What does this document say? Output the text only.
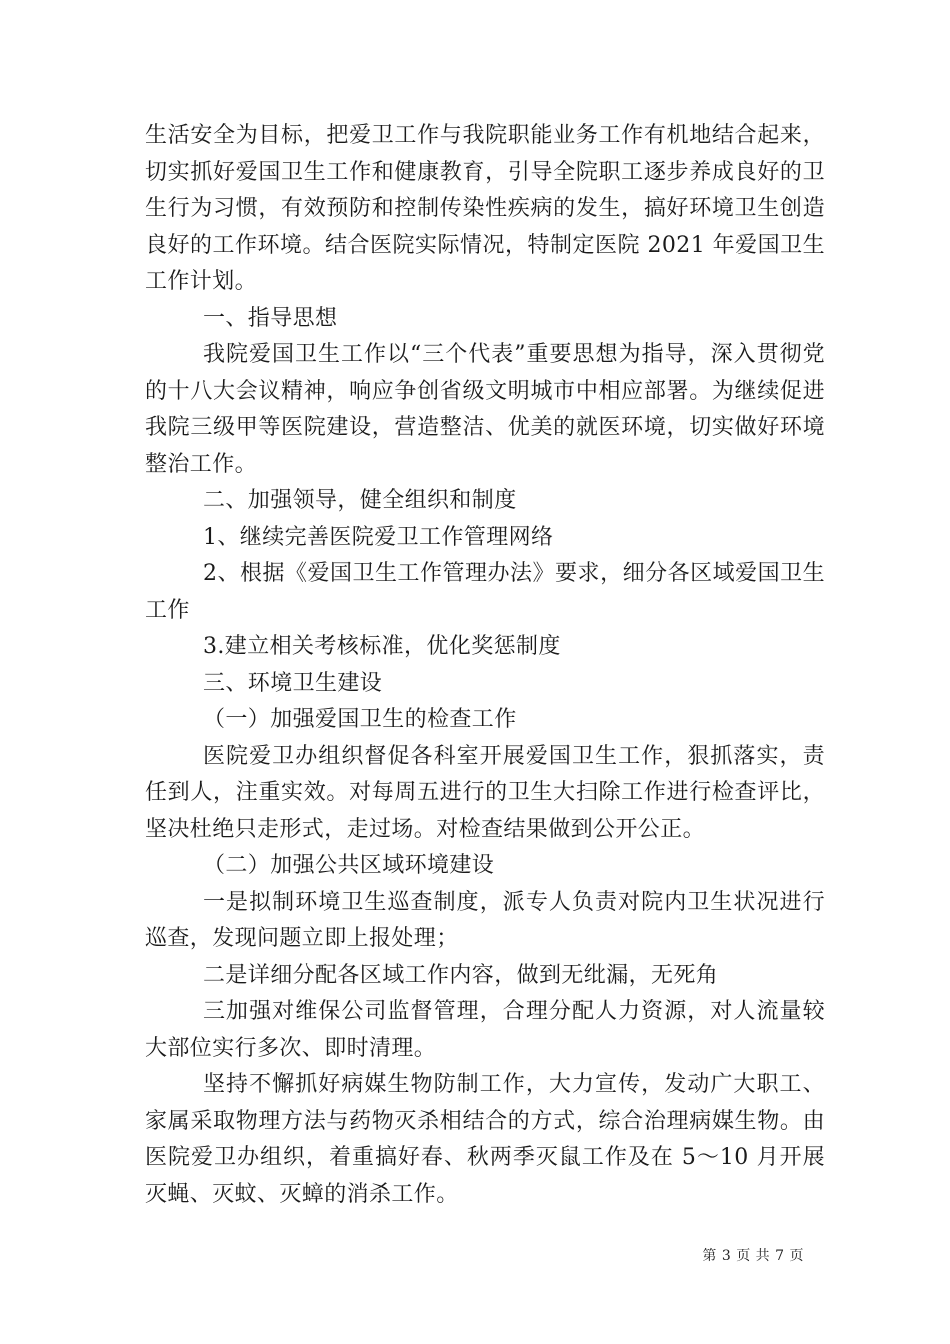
生活安全为目标，把爱卫工作与我院职能业务工作有机地结合起来，切实抓好爱国卫生工作和健康教育，引导全院职工逐步养成良好的卫生行为习惯，有效预防和控制传染性疾病的发生，搞好环境卫生创造良好的工作环境。结合医院实际情况，特制定医院 2021 年爱国卫生工作计划。

一、指导思想

我院爱国卫生工作以“三个代表”重要思想为指导，深入贯彻党的十八大会议精神，响应争创省级文明城市中相应部署。为继续促进我院三级甲等医院建设，营造整洁、优美的就医环境，切实做好环境整治工作。

二、加强领导，健全组织和制度

1、继续完善医院爱卫工作管理网络

2、根据《爱国卫生工作管理办法》要求，细分各区域爱国卫生工作

3.建立相关考核标准，优化奖惩制度

三、环境卫生建设

（一）加强爱国卫生的检查工作

医院爱卫办组织督促各科室开展爱国卫生工作，狠抓落实，责任到人，注重实效。对每周五进行的卫生大扫除工作进行检查评比，坚决杜绝只走形式，走过场。对检查结果做到公开公正。

（二）加强公共区域环境建设

一是拟制环境卫生巡查制度，派专人负责对院内卫生状况进行巡查，发现问题立即上报处理；

二是详细分配各区域工作内容，做到无纰漏，无死角

三加强对维保公司监督管理，合理分配人力资源，对人流量较大部位实行多次、即时清理。

坚持不懈抓好病媒生物防制工作，大力宣传，发动广大职工、家属采取物理方法与药物灭杀相结合的方式，综合治理病媒生物。由医院爱卫办组织，着重搞好春、秋两季灭鼠工作及在 5～10 月开展灭蝇、灭蚊、灭蟑的消杀工作。

第 3 页 共 7 页
